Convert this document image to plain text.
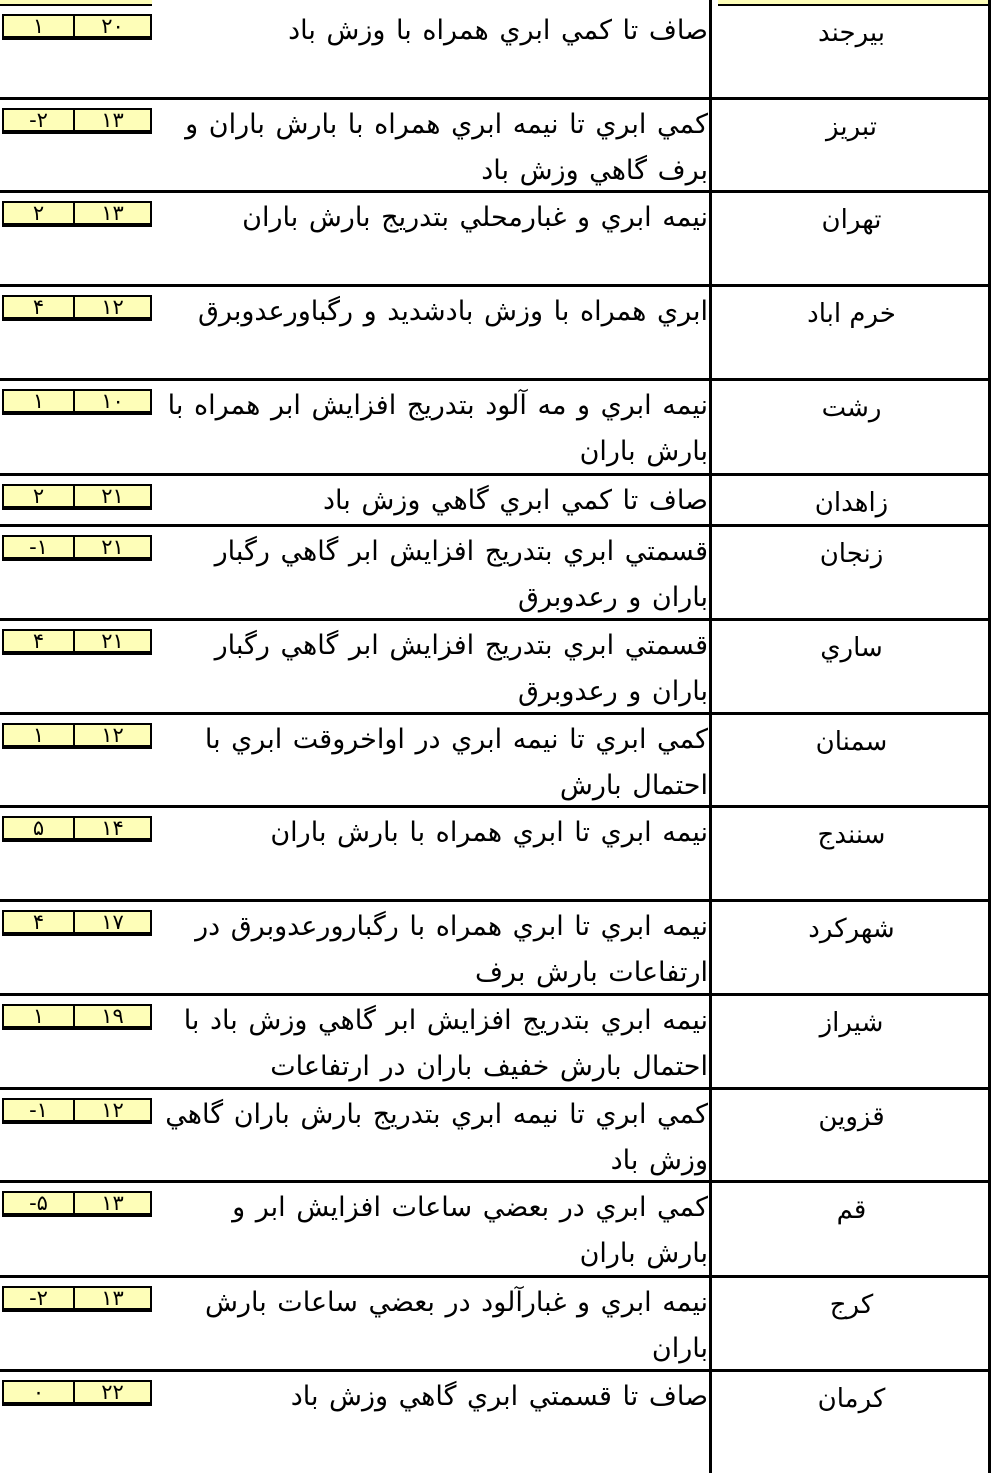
بيرجند
صاف تا كمي ابري همراه با وزش باد
۲۰
۱
تبريز
كمي ابري تا نيمه ابري همراه با بارش باران و برف گاهي وزش باد
۱۳
-۲
تهران
نيمه ابري و غبارمحلي بتدريج بارش باران
۱۳
۲
خرم اباد
ابري همراه با وزش بادشديد و رگباورعدوبرق
۱۲
۴
رشت
نيمه ابري و مه آلود بتدريج افزايش ابر همراه با بارش باران
۱۰
۱
زاهدان
صاف تا كمي ابري گاهي وزش باد
۲۱
۲
زنجان
قسمتي ابري بتدريج افزايش ابر گاهي رگبار باران و رعدوبرق
۲۱
-۱
ساري
قسمتي ابري بتدريج افزايش ابر گاهي رگبار باران و رعدوبرق
۲۱
۴
سمنان
كمي ابري تا نيمه ابري در اواخروقت ابري با احتمال بارش
۱۲
۱
سنندج
نيمه ابري تا ابري همراه با بارش باران
۱۴
۵
شهركرد
نيمه ابري تا ابري همراه با رگبارورعدوبرق در ارتفاعات بارش برف
۱۷
۴
شيراز
نيمه ابري بتدريج افزايش ابر گاهي وزش باد با احتمال بارش خفيف باران در ارتفاعات
۱۹
۱
قزوين
كمي ابري تا نيمه ابري بتدريج بارش باران گاهي وزش باد
۱۲
-۱
قم
كمي ابري در بعضي ساعات افزايش ابر و بارش باران
۱۳
-۵
كرج
نيمه ابري و غبارآلود در بعضي ساعات بارش باران
۱۳
-۲
كرمان
صاف تا قسمتي ابري گاهي وزش باد
۲۲
۰
